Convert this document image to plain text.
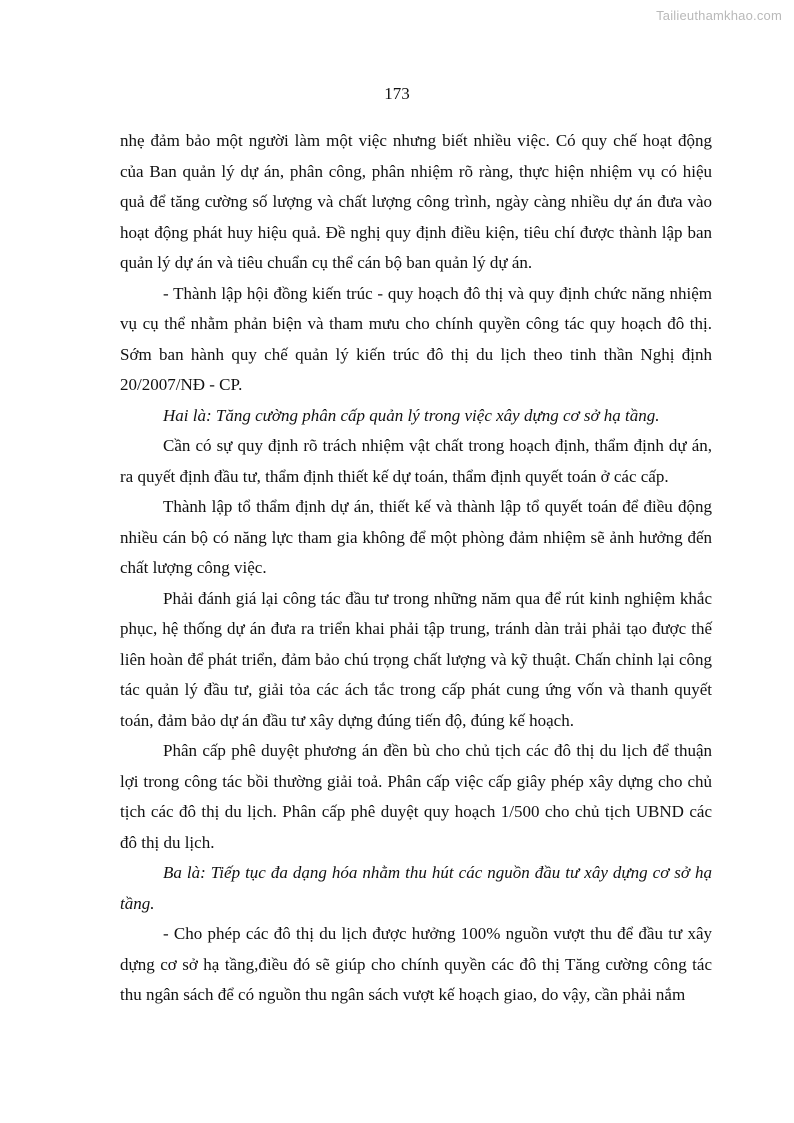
Tailieuthamkhao.com
173

nhẹ đảm bảo một người làm một việc nhưng biết nhiều việc. Có quy chế hoạt động của Ban quản lý dự án, phân công, phân nhiệm rõ ràng, thực hiện nhiệm vụ có hiệu quả để tăng cường số lượng và chất lượng công trình, ngày càng nhiều dự án đưa vào hoạt động phát huy hiệu quả. Đề nghị quy định điều kiện, tiêu chí được thành lập ban quản lý dự án và tiêu chuẩn cụ thể cán bộ ban quản lý dự án.

- Thành lập hội đồng kiến trúc - quy hoạch đô thị và quy định chức năng nhiệm vụ cụ thể nhằm phản biện và tham mưu cho chính quyền công tác quy hoạch đô thị. Sớm ban hành quy chế quản lý kiến trúc đô thị du lịch theo tinh thần Nghị định 20/2007/NĐ - CP.

Hai là: Tăng cường phân cấp quản lý trong việc xây dựng cơ sở hạ tầng.

Cần có sự quy định rõ trách nhiệm vật chất trong hoạch định, thẩm định dự án, ra quyết định đầu tư, thẩm định thiết kế dự toán, thẩm định quyết toán ở các cấp.

Thành lập tổ thẩm định dự án, thiết kế và thành lập tổ quyết toán để điều động nhiều cán bộ có năng lực tham gia không để một phòng đảm nhiệm sẽ ảnh hưởng đến chất lượng công việc.

Phải đánh giá lại công tác đầu tư trong những năm qua để rút kinh nghiệm khắc phục, hệ thống dự án đưa ra triển khai phải tập trung, tránh dàn trải phải tạo được thế liên hoàn để phát triển, đảm bảo chú trọng chất lượng và kỹ thuật. Chấn chỉnh lại công tác quản lý đầu tư, giải tỏa các ách tắc trong cấp phát cung ứng vốn và thanh quyết toán, đảm bảo dự án đầu tư xây dựng đúng tiến độ, đúng kế hoạch.

Phân cấp phê duyệt phương án đền bù cho chủ tịch các đô thị du lịch để thuận lợi trong công tác bồi thường giải toả. Phân cấp việc cấp giây phép xây dựng cho chủ tịch các đô thị du lịch. Phân cấp phê duyệt quy hoạch 1/500 cho chủ tịch UBND các đô thị du lịch.

Ba là: Tiếp tục đa dạng hóa nhằm thu hút các nguồn đầu tư xây dựng cơ sở hạ tầng.

- Cho phép các đô thị du lịch được hưởng 100% nguồn vượt thu để đầu tư xây dựng cơ sở hạ tầng,điều đó sẽ giúp cho chính quyền các đô thị Tăng cường công tác thu ngân sách để có nguồn thu ngân sách vượt kế hoạch giao, do vậy, cần phải nắm
